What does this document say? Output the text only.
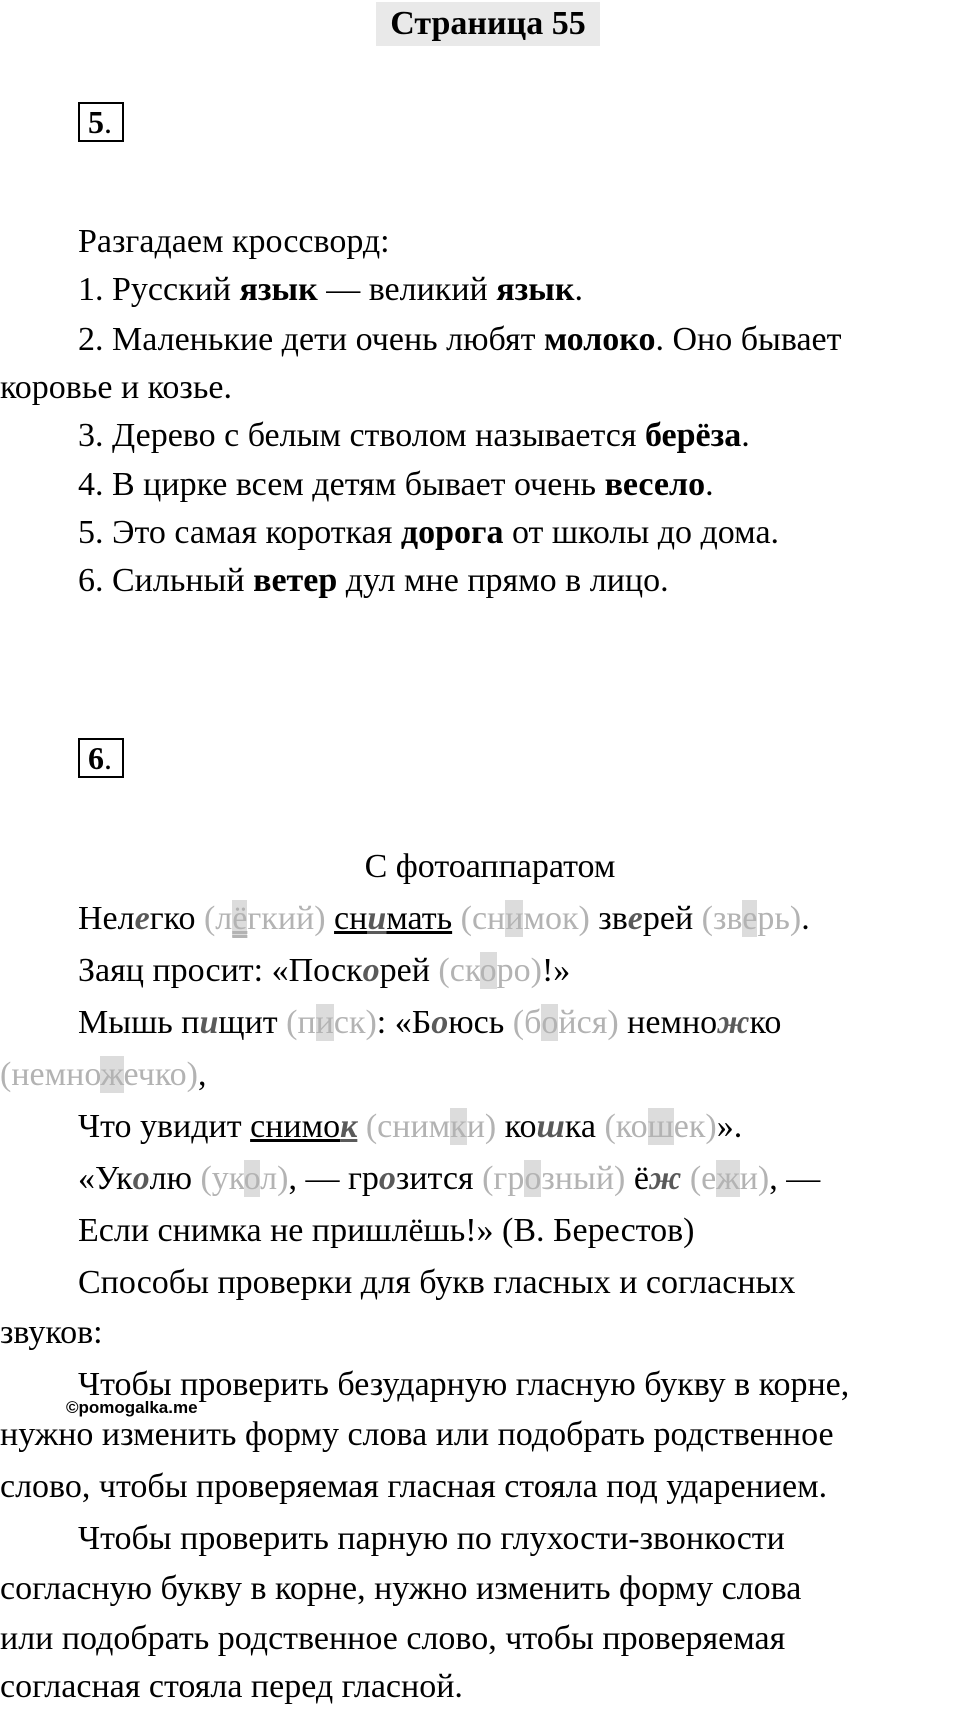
Страница 55
5.
Разгадаем кроссворд:
1. Русский язык — великий язык.
2. Маленькие дети очень любят молоко. Оно бывает
коровье и козье.
3. Дерево с белым стволом называется берёза.
4. В цирке всем детям бывает очень весело.
5. Это самая короткая дорога от школы до дома.
6. Сильный ветер дул мне прямо в лицо.
6.
С фотоаппаратом
Нелегко (лёгкий) снимать (снимок) зверей (зверь).
Заяц просит: «Поскорей (скоро)!»
Мышь пищит (писк): «Боюсь (бойся) немножко
(немножечко),
Что увидит снимок (снимки) кошка (кошек)».
«Уколю (укол), — грозится (грозный) ёж (ежи), —
Если снимка не пришлёшь!» (В. Берестов)
Способы проверки для букв гласных и согласных
звуков:
Чтобы проверить безударную гласную букву в корне,
нужно изменить форму слова или подобрать родственное
слово, чтобы проверяемая гласная стояла под ударением.
Чтобы проверить парную по глухости-звонкости
согласную букву в корне, нужно изменить форму слова
или подобрать родственное слово, чтобы проверяемая
согласная стояла перед гласной.
©pomogalka.me
